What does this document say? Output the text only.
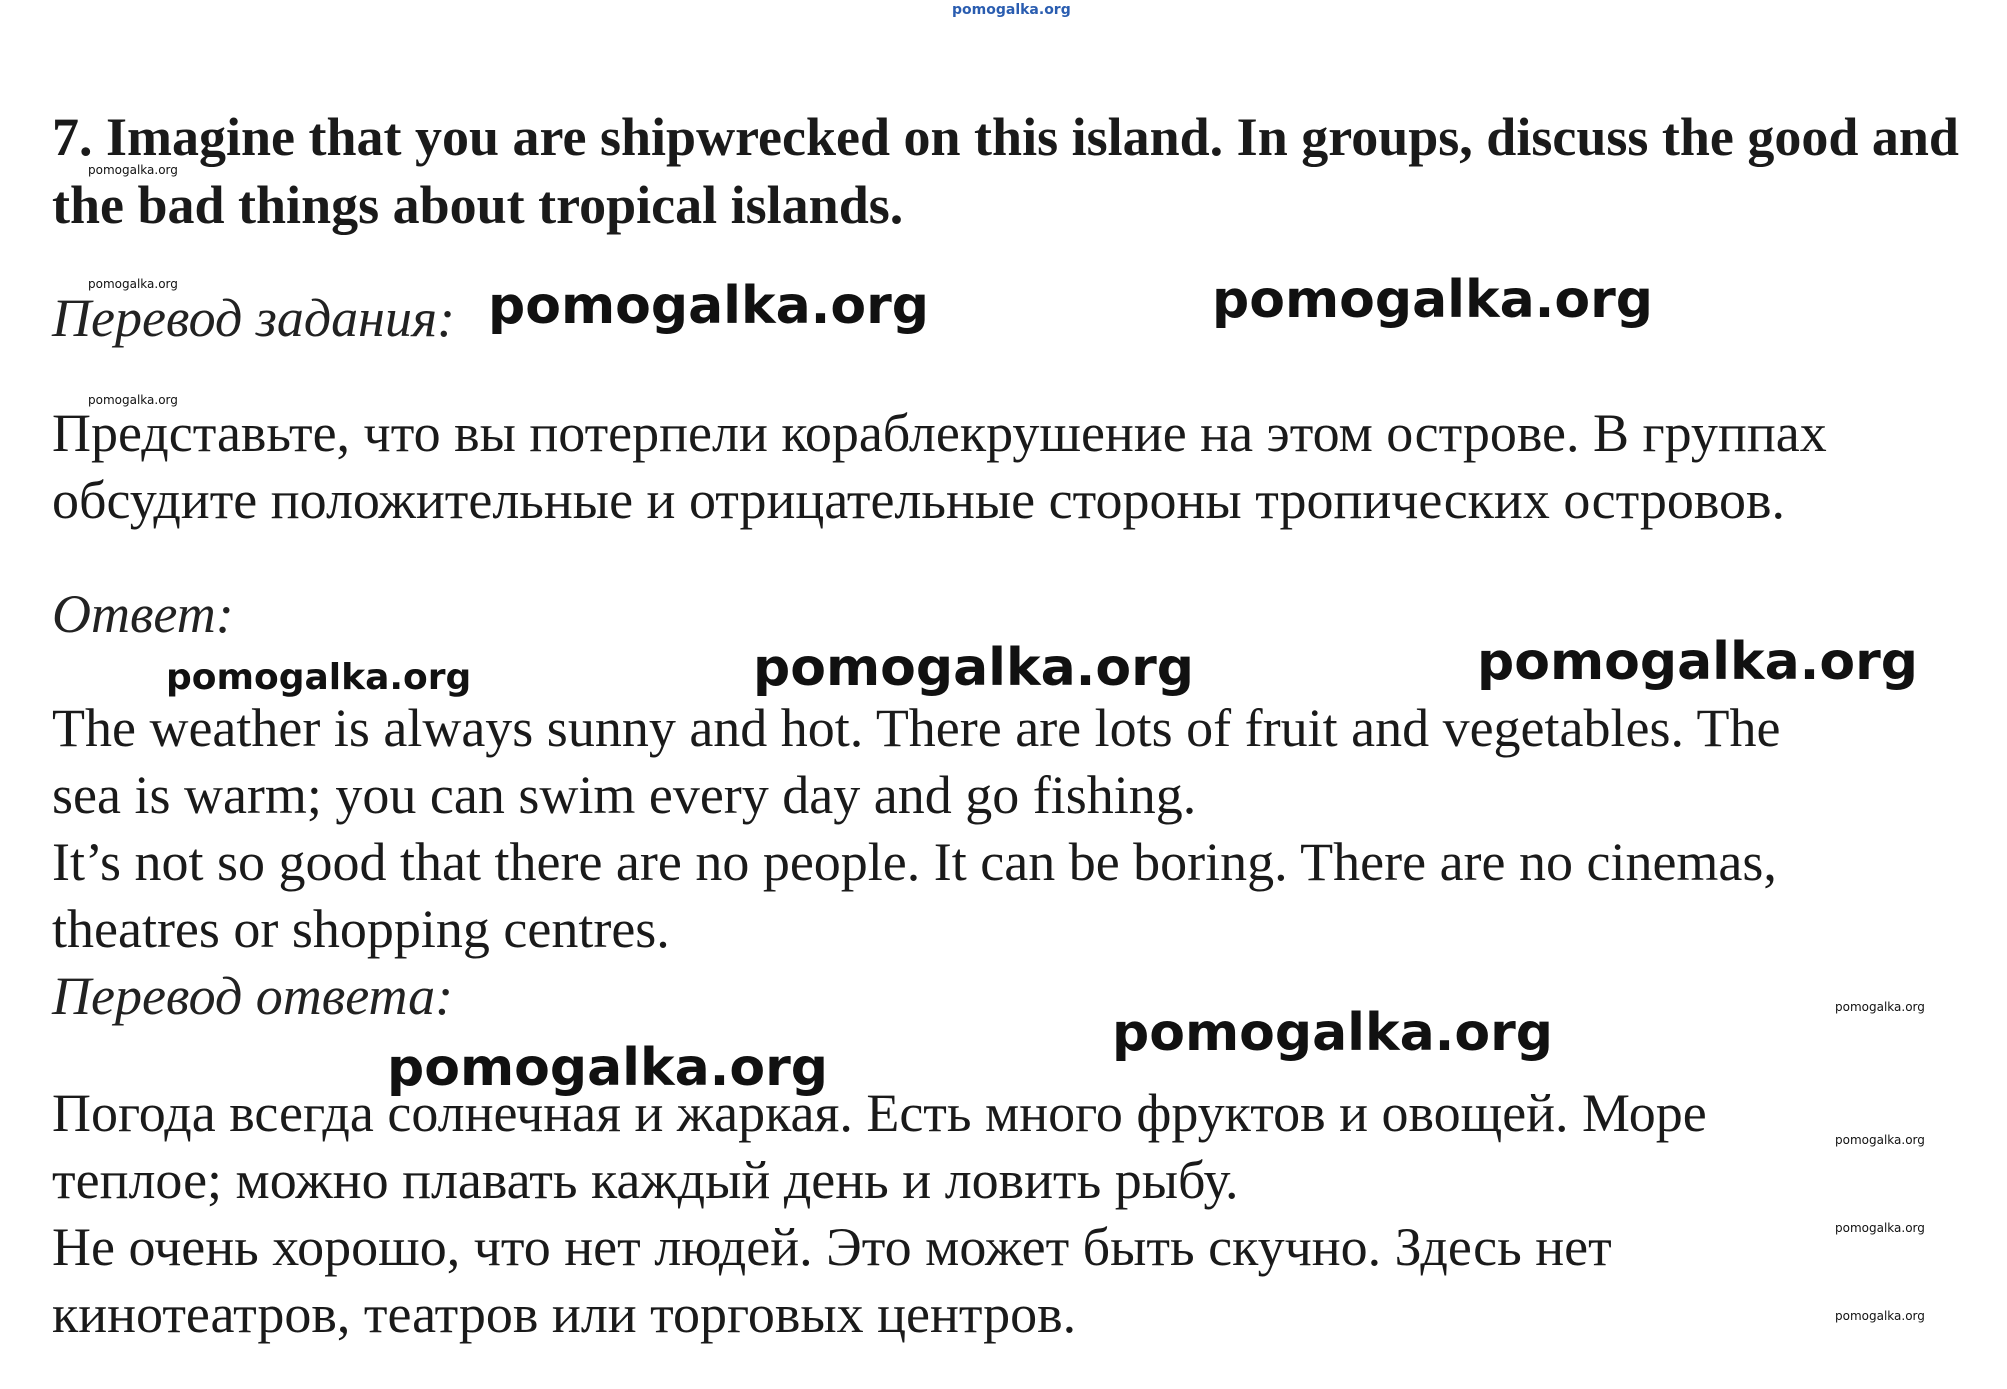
pomogalka.org
7. Imagine that you are shipwrecked on this island. In groups, discuss the good and the bad things about tropical islands.
Перевод задания:

Представьте, что вы потерпели кораблекрушение на этом острове. В группах

обсудите положительные и отрицательные стороны тропических островов.

Ответ:

The weather is always sunny and hot. There are lots of fruit and vegetables. The

sea is warm; you can swim every day and go fishing.

It’s not so good that there are no people. It can be boring. There are no cinemas,

theatres or shopping centres.

Перевод ответа:

Погода всегда солнечная и жаркая. Есть много фруктов и овощей. Море

теплое; можно плавать каждый день и ловить рыбу.

Не очень хорошо, что нет людей. Это может быть скучно. Здесь нет

кинотеатров, театров или торговых центров.

pomogalka.org
pomogalka.org
pomogalka.org
pomogalka.org
pomogalka.org
pomogalka.org
pomogalka.org
pomogalka.org	pomogalka.org
pomogalka.org	pomogalka.org	pomogalka.org
pomogalka.org
pomogalka.org
